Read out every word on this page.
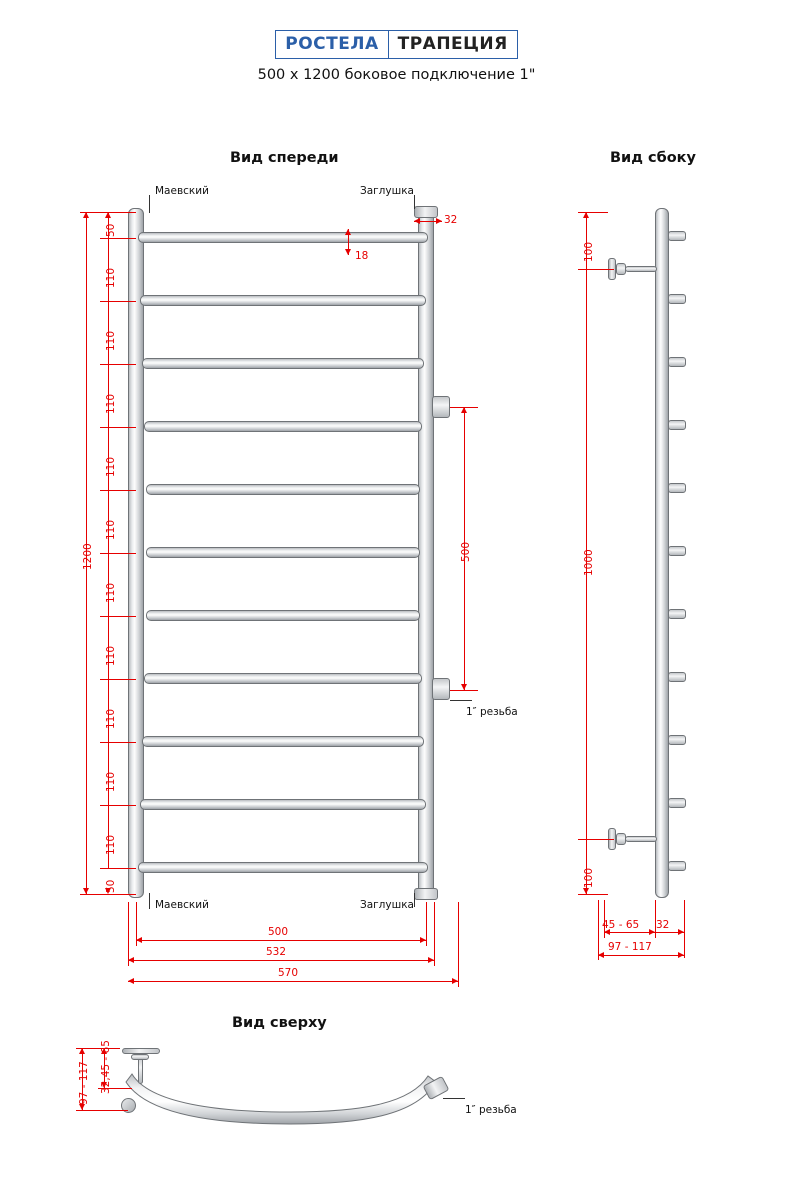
РОСТЕЛА	ТРАПЕЦИЯ
500 х 1200 боковое подключение 1"
Вид спереди	Вид сбоку
Вид сверху
Маевский
Маевский
Заглушка
Заглушка
32
18
1″ резьба
500
50
110
110
110
110
110
110
110
110
110
110
50
1200
500
532
570
100
1000
100
45 - 65 32
97 - 117
1″ резьба
97 - 117 32,45 - 65
